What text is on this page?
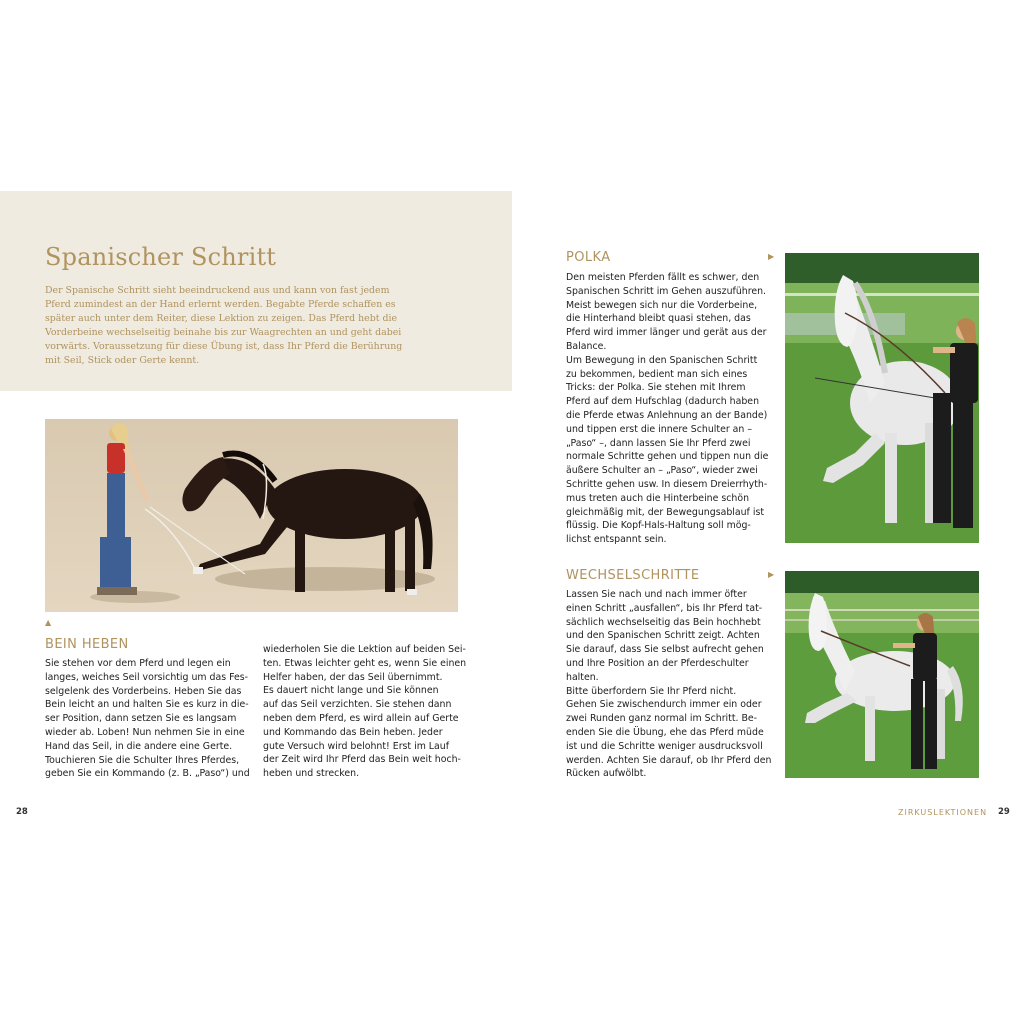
Spanischer Schritt

Der Spanische Schritt sieht beeindruckend aus und kann von fast jedem
Pferd zumindest an der Hand erlernt werden. Begabte Pferde schaffen es
später auch unter dem Reiter, diese Lektion zu zeigen. Das Pferd hebt die
Vorderbeine wechselseitig beinahe bis zur Waagrechten an und geht dabei
vorwärts. Voraussetzung für diese Übung ist, dass Ihr Pferd die Berührung
mit Seil, Stick oder Gerte kennt.

▲
BEIN HEBEN

Sie stehen vor dem Pferd und legen ein
langes, weiches Seil vorsichtig um das Fes-
selgelenk des Vorderbeins. Heben Sie das
Bein leicht an und halten Sie es kurz in die-
ser Position, dann setzen Sie es langsam
wieder ab. Loben! Nun nehmen Sie in eine
Hand das Seil, in die andere eine Gerte.
Touchieren Sie die Schulter Ihres Pferdes,
geben Sie ein Kommando (z. B. „Paso“) und

wiederholen Sie die Lektion auf beiden Sei-
ten. Etwas leichter geht es, wenn Sie einen
Helfer haben, der das Seil übernimmt.
Es dauert nicht lange und Sie können
auf das Seil verzichten. Sie stehen dann
neben dem Pferd, es wird allein auf Gerte
und Kommando das Bein heben. Jeder
gute Versuch wird belohnt! Erst im Lauf
der Zeit wird Ihr Pferd das Bein weit hoch-
heben und strecken.

28
POLKA

Den meisten Pferden fällt es schwer, den
Spanischen Schritt im Gehen auszuführen.
Meist bewegen sich nur die Vorderbeine,
die Hinterhand bleibt quasi stehen, das
Pferd wird immer länger und gerät aus der
Balance.
Um Bewegung in den Spanischen Schritt
zu bekommen, bedient man sich eines
Tricks: der Polka. Sie stehen mit Ihrem
Pferd auf dem Hufschlag (dadurch haben
die Pferde etwas Anlehnung an der Bande)
und tippen erst die innere Schulter an –
„Paso“ –, dann lassen Sie Ihr Pferd zwei
normale Schritte gehen und tippen nun die
äußere Schulter an – „Paso“, wieder zwei
Schritte gehen usw. In diesem Dreierrhyth-
mus treten auch die Hinterbeine schön
gleichmäßig mit, der Bewegungsablauf ist
flüssig. Die Kopf-Hals-Haltung soll mög-
lichst entspannt sein.

▶
WECHSELSCHRITTE

Lassen Sie nach und nach immer öfter
einen Schritt „ausfallen“, bis Ihr Pferd tat-
sächlich wechselseitig das Bein hochhebt
und den Spanischen Schritt zeigt. Achten
Sie darauf, dass Sie selbst aufrecht gehen
und Ihre Position an der Pferdeschulter
halten.
Bitte überfordern Sie Ihr Pferd nicht.
Gehen Sie zwischendurch immer ein oder
zwei Runden ganz normal im Schritt. Be-
enden Sie die Übung, ehe das Pferd müde
ist und die Schritte weniger ausdrucksvoll
werden. Achten Sie darauf, ob Ihr Pferd den
Rücken aufwölbt.

▶
ZIRKUSLEKTIONEN 29
